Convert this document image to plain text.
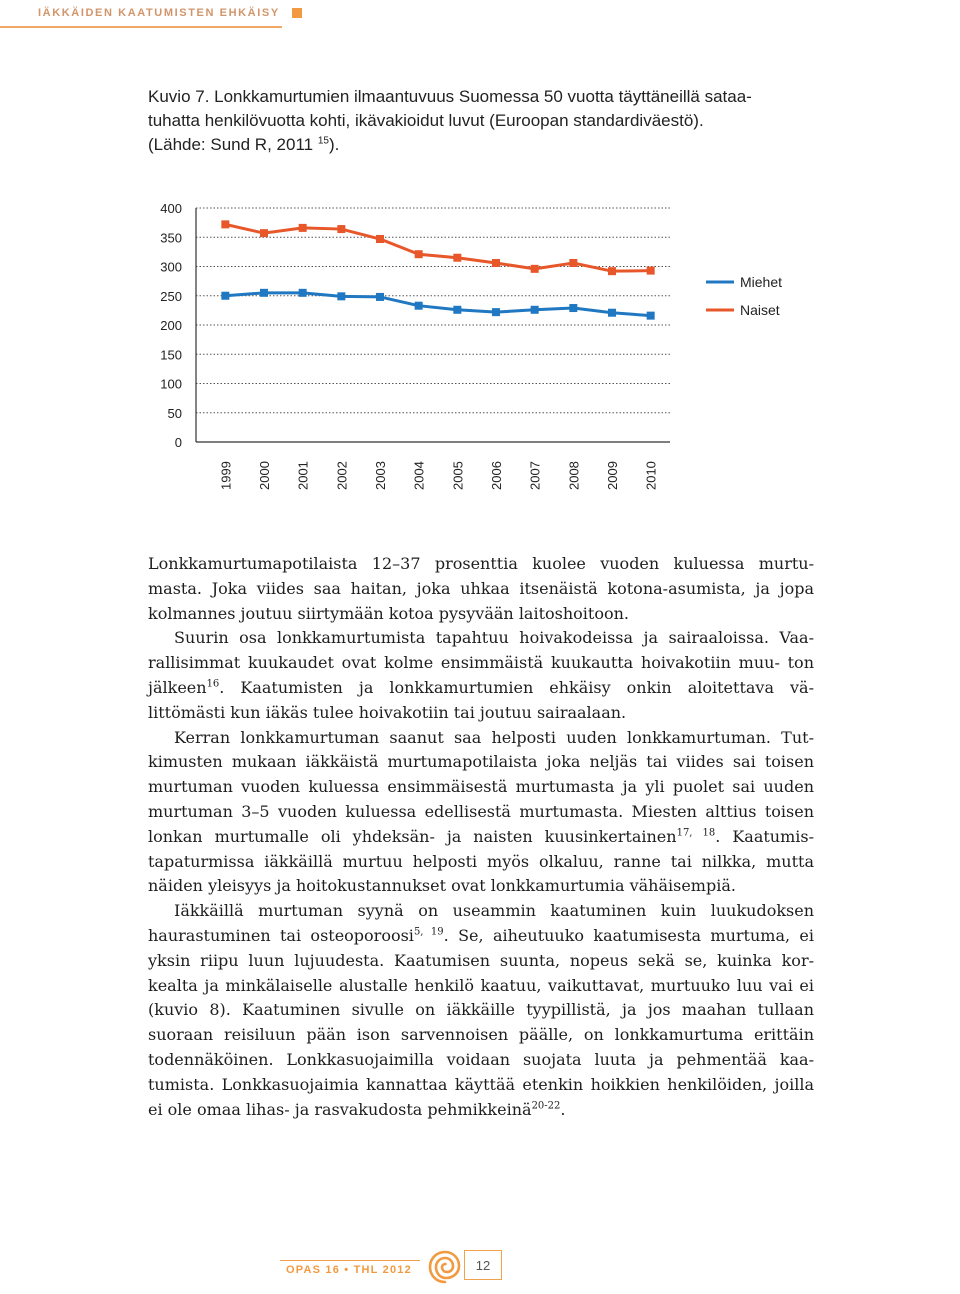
IÄKKÄIDEN KAATUMISTEN EHKÄISY
Kuvio 7. Lonkkamurtumien ilmaantuvuus Suomessa 50 vuotta täyttäneillä sataa-
tuhatta henkilövuotta kohti, ikävakioidut luvut (Euroopan standardiväestö).
(Lähde: Sund R, 2011 $^{15}$).
0
50
100
150
200
250
300
350
400
1999 2000 2001 2002 2003 2004 2005 2006 2007 2008 2009 2010
Miehet
Naiset

Lonkkamurtumapotilaista 12–37 prosenttia kuolee vuoden kuluessa murtu- masta. Joka viides saa haitan, joka uhkaa itsenäistä kotona-asumista, ja jopa kolmannes joutuu siirtymään kotoa pysyvään laitoshoitoon.

Suurin osa lonkkamurtumista tapahtuu hoivakodeissa ja sairaaloissa. Vaa- rallisimmat kuukaudet ovat kolme ensimmäistä kuukautta hoivakotiin muu- ton jälkeen$^{16}$. Kaatumisten ja lonkkamurtumien ehkäisy onkin aloitettava vä- littömästi kun iäkäs tulee hoivakotiin tai joutuu sairaalaan.

Kerran lonkkamurtuman saanut saa helposti uuden lonkkamurtuman. Tut- kimusten mukaan iäkkäistä murtumapotilaista joka neljäs tai viides sai toisen murtuman vuoden kuluessa ensimmäisestä murtumasta ja yli puolet sai uuden murtuman 3–5 vuoden kuluessa edellisestä murtumasta. Miesten alttius toisen lonkan murtumalle oli yhdeksän- ja naisten kuusinkertainen$^{17, 18}$. Kaatumis- tapaturmissa iäkkäillä murtuu helposti myös olkaluu, ranne tai nilkka, mutta näiden yleisyys ja hoitokustannukset ovat lonkkamurtumia vähäisempiä.

Iäkkäillä murtuman syynä on useammin kaatuminen kuin luukudoksen haurastuminen tai osteoporoosi$^{5, 19}$. Se, aiheutuuko kaatumisesta murtuma, ei yksin riipu luun lujuudesta. Kaatumisen suunta, nopeus sekä se, kuinka kor- kealta ja minkälaiselle alustalle henkilö kaatuu, vaikuttavat, murtuuko luu vai ei (kuvio 8). Kaatuminen sivulle on iäkkäille tyypillistä, ja jos maahan tullaan suoraan reisiluun pään ison sarvennoisen päälle, on lonkkamurtuma erittäin todennäköinen. Lonkkasuojaimilla voidaan suojata luuta ja pehmentää kaa- tumista. Lonkkasuojaimia kannattaa käyttää etenkin hoikkien henkilöiden, joilla ei ole omaa lihas- ja rasvakudosta pehmikkeinä$^{20-22}$.

OPAS 16 • THL 2012	12
